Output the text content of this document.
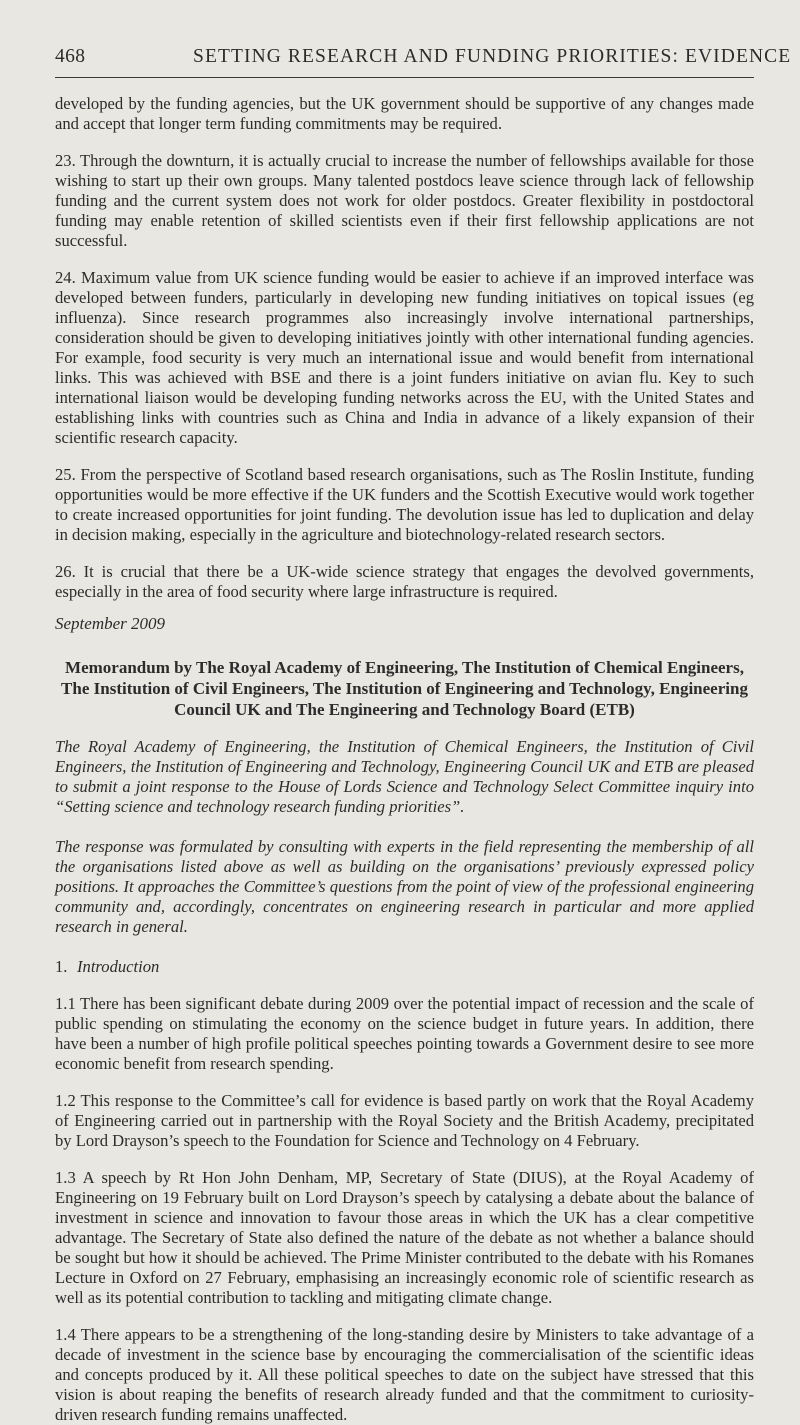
468	SETTING RESEARCH AND FUNDING PRIORITIES: EVIDENCE

developed by the funding agencies, but the UK government should be supportive of any changes made and accept that longer term funding commitments may be required.

23. Through the downturn, it is actually crucial to increase the number of fellowships available for those wishing to start up their own groups. Many talented postdocs leave science through lack of fellowship funding and the current system does not work for older postdocs. Greater flexibility in postdoctoral funding may enable retention of skilled scientists even if their first fellowship applications are not successful.

24. Maximum value from UK science funding would be easier to achieve if an improved interface was developed between funders, particularly in developing new funding initiatives on topical issues (eg influenza). Since research programmes also increasingly involve international partnerships, consideration should be given to developing initiatives jointly with other international funding agencies. For example, food security is very much an international issue and would benefit from international links. This was achieved with BSE and there is a joint funders initiative on avian flu. Key to such international liaison would be developing funding networks across the EU, with the United States and establishing links with countries such as China and India in advance of a likely expansion of their scientific research capacity.

25. From the perspective of Scotland based research organisations, such as The Roslin Institute, funding opportunities would be more effective if the UK funders and the Scottish Executive would work together to create increased opportunities for joint funding. The devolution issue has led to duplication and delay in decision making, especially in the agriculture and biotechnology-related research sectors.

26. It is crucial that there be a UK-wide science strategy that engages the devolved governments, especially in the area of food security where large infrastructure is required.

September 2009
Memorandum by The Royal Academy of Engineering, The Institution of Chemical Engineers, The Institution of Civil Engineers, The Institution of Engineering and Technology, Engineering Council UK and The Engineering and Technology Board (ETB)

The Royal Academy of Engineering, the Institution of Chemical Engineers, the Institution of Civil Engineers, the Institution of Engineering and Technology, Engineering Council UK and ETB are pleased to submit a joint response to the House of Lords Science and Technology Select Committee inquiry into “Setting science and technology research funding priorities”.

The response was formulated by consulting with experts in the field representing the membership of all the organisations listed above as well as building on the organisations’ previously expressed policy positions. It approaches the Committee’s questions from the point of view of the professional engineering community and, accordingly, concentrates on engineering research in particular and more applied research in general.

1. Introduction

1.1 There has been significant debate during 2009 over the potential impact of recession and the scale of public spending on stimulating the economy on the science budget in future years. In addition, there have been a number of high profile political speeches pointing towards a Government desire to see more economic benefit from research spending.

1.2 This response to the Committee’s call for evidence is based partly on work that the Royal Academy of Engineering carried out in partnership with the Royal Society and the British Academy, precipitated by Lord Drayson’s speech to the Foundation for Science and Technology on 4 February.

1.3 A speech by Rt Hon John Denham, MP, Secretary of State (DIUS), at the Royal Academy of Engineering on 19 February built on Lord Drayson’s speech by catalysing a debate about the balance of investment in science and innovation to favour those areas in which the UK has a clear competitive advantage. The Secretary of State also defined the nature of the debate as not whether a balance should be sought but how it should be achieved. The Prime Minister contributed to the debate with his Romanes Lecture in Oxford on 27 February, emphasising an increasingly economic role of scientific research as well as its potential contribution to tackling and mitigating climate change.

1.4 There appears to be a strengthening of the long-standing desire by Ministers to take advantage of a decade of investment in the science base by encouraging the commercialisation of the scientific ideas and concepts produced by it. All these political speeches to date on the subject have stressed that this vision is about reaping the benefits of research already funded and that the commitment to curiosity-driven research funding remains unaffected.
